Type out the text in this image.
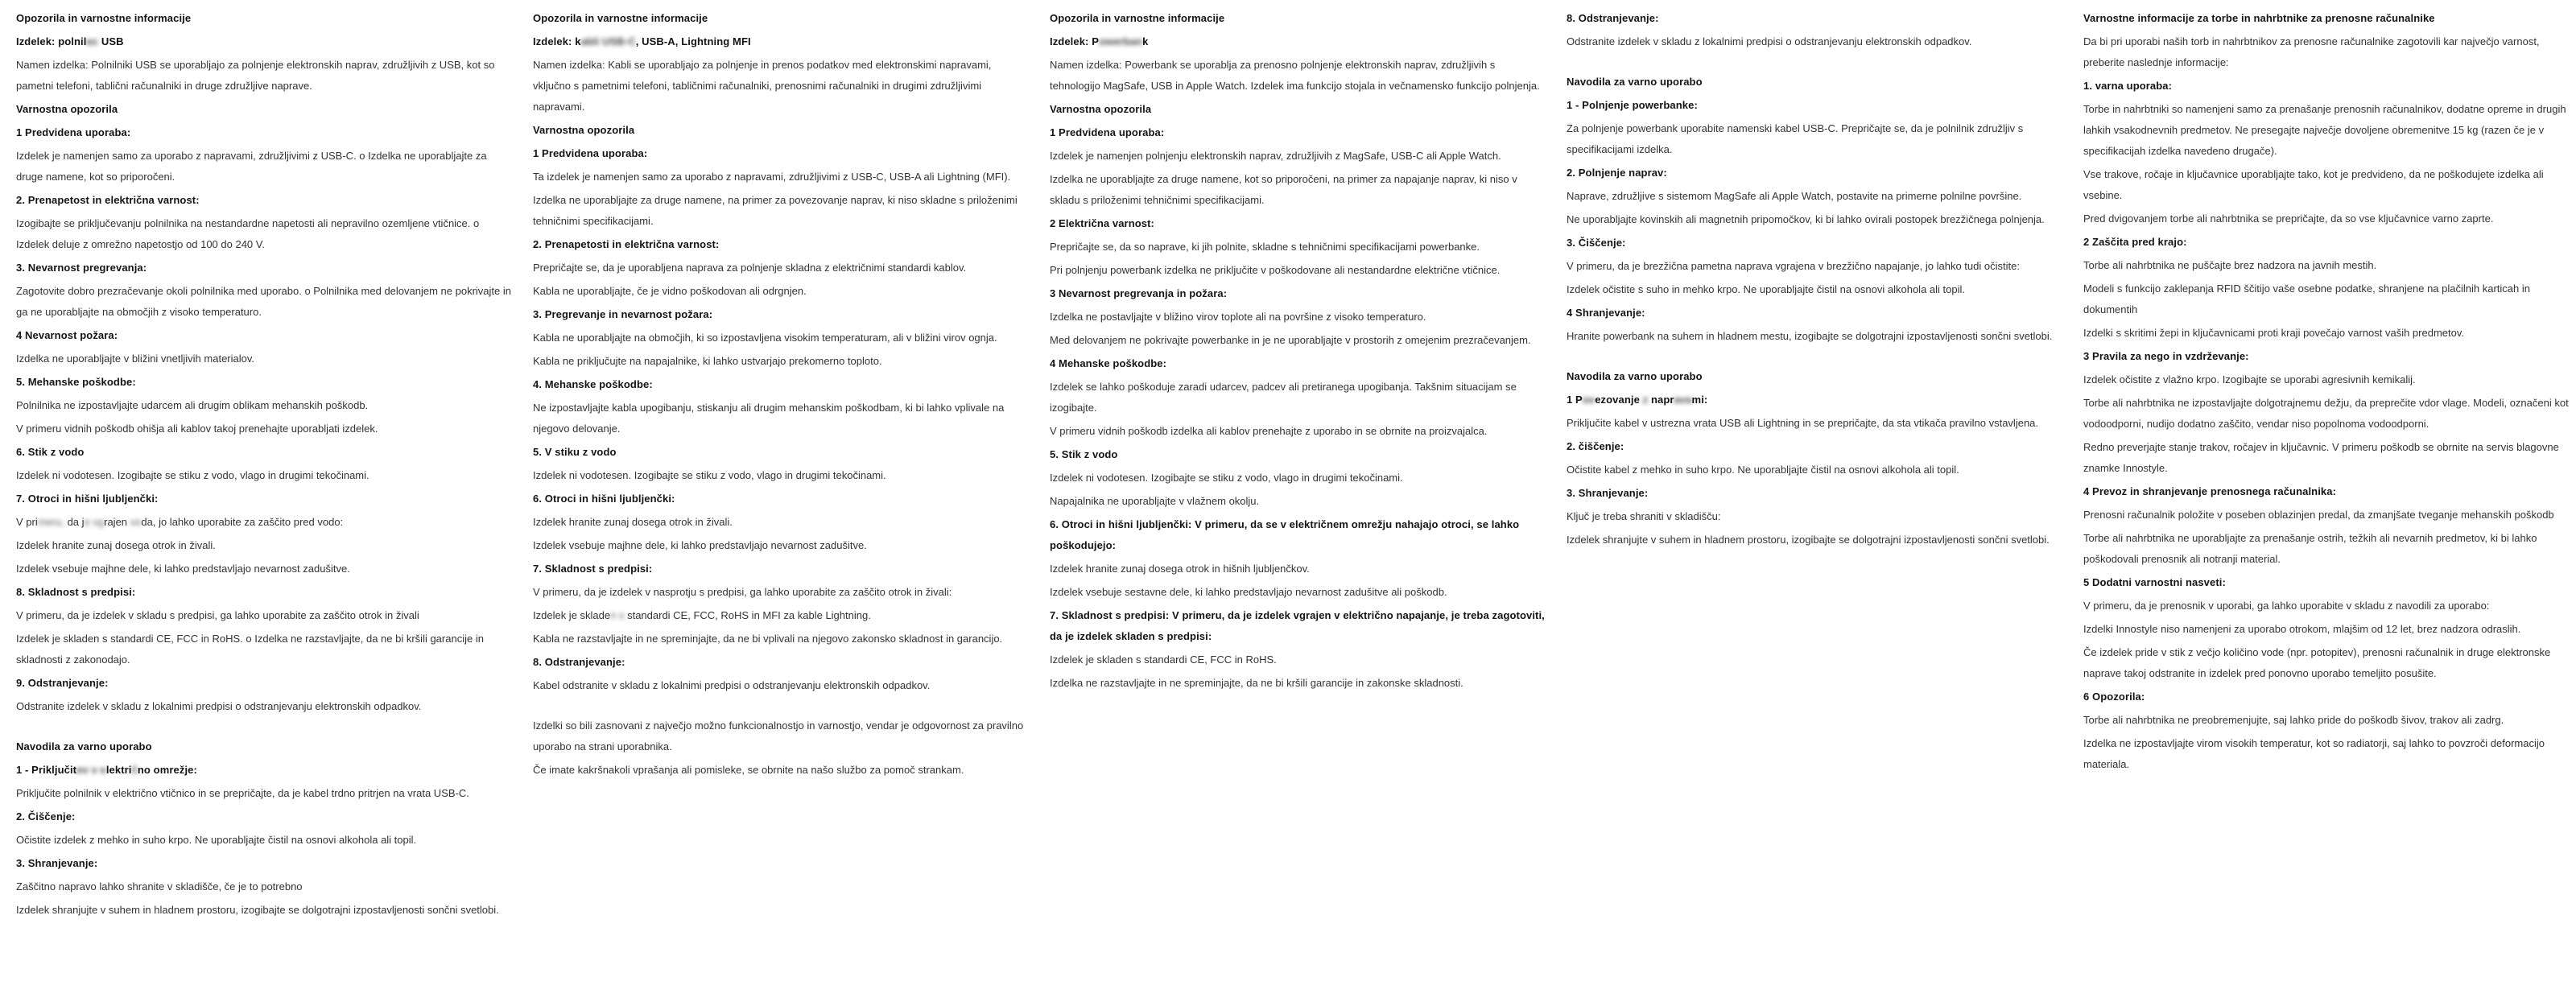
Opozorila in varnostne informacije

Izdelek: polnilec USB

Namen izdelka: Polnilniki USB se uporabljajo za polnjenje elektronskih naprav, združljivih z USB, kot so pametni telefoni, tablični računalniki in druge združljive naprave.

Varnostna opozorila

1 Predvidena uporaba:

Izdelek je namenjen samo za uporabo z napravami, združljivimi z USB-C. o Izdelka ne uporabljajte za druge namene, kot so priporočeni.

2. Prenapetost in električna varnost:

Izogibajte se priključevanju polnilnika na nestandardne napetosti ali nepravilno ozemljene vtičnice. o Izdelek deluje z omrežno napetostjo od 100 do 240 V.

3. Nevarnost pregrevanja:

Zagotovite dobro prezračevanje okoli polnilnika med uporabo. o Polnilnika med delovanjem ne pokrivajte in ga ne uporabljajte na območjih z visoko temperaturo.

4 Nevarnost požara:

Izdelka ne uporabljajte v bližini vnetljivih materialov.

5. Mehanske poškodbe:

Polnilnika ne izpostavljajte udarcem ali drugim oblikam mehanskih poškodb.

V primeru vidnih poškodb ohišja ali kablov takoj prenehajte uporabljati izdelek.

6. Stik z vodo

Izdelek ni vodotesen. Izogibajte se stiku z vodo, vlago in drugimi tekočinami.

7. Otroci in hišni ljubljenčki:

V primeru, da je vgrajen voda, jo lahko uporabite za zaščito pred vodo:

Izdelek hranite zunaj dosega otrok in živali.

Izdelek vsebuje majhne dele, ki lahko predstavljajo nevarnost zadušitve.

8. Skladnost s predpisi:

V primeru, da je izdelek v skladu s predpisi, ga lahko uporabite za zaščito otrok in živali

Izdelek je skladen s standardi CE, FCC in RoHS. o Izdelka ne razstavljajte, da ne bi kršili garancije in skladnosti z zakonodajo.

9. Odstranjevanje:

Odstranite izdelek v skladu z lokalnimi predpisi o odstranjevanju elektronskih odpadkov.

Navodila za varno uporabo

1 - Priključitev v električno omrežje:

Priključite polnilnik v električno vtičnico in se prepričajte, da je kabel trdno pritrjen na vrata USB-C.

2. Čiščenje:

Očistite izdelek z mehko in suho krpo. Ne uporabljajte čistil na osnovi alkohola ali topil.

3. Shranjevanje:

Zaščitno napravo lahko shranite v skladišče, če je to potrebno

Izdelek shranjujte v suhem in hladnem prostoru, izogibajte se dolgotrajni izpostavljenosti sončni svetlobi.

Opozorila in varnostne informacije

Izdelek: kabli USB-C, USB-A, Lightning MFI

Namen izdelka: Kabli se uporabljajo za polnjenje in prenos podatkov med elektronskimi napravami, vključno s pametnimi telefoni, tabličnimi računalniki, prenosnimi računalniki in drugimi združljivimi napravami.

Varnostna opozorila

1 Predvidena uporaba:

Ta izdelek je namenjen samo za uporabo z napravami, združljivimi z USB-C, USB-A ali Lightning (MFI).

Izdelka ne uporabljajte za druge namene, na primer za povezovanje naprav, ki niso skladne s priloženimi tehničnimi specifikacijami.

2. Prenapetosti in električna varnost:

Prepričajte se, da je uporabljena naprava za polnjenje skladna z električnimi standardi kablov.

Kabla ne uporabljajte, če je vidno poškodovan ali odrgnjen.

3. Pregrevanje in nevarnost požara:

Kabla ne uporabljajte na območjih, ki so izpostavljena visokim temperaturam, ali v bližini virov ognja.

Kabla ne priključujte na napajalnike, ki lahko ustvarjajo prekomerno toploto.

4. Mehanske poškodbe:

Ne izpostavljajte kabla upogibanju, stiskanju ali drugim mehanskim poškodbam, ki bi lahko vplivale na njegovo delovanje.

5. V stiku z vodo

Izdelek ni vodotesen. Izogibajte se stiku z vodo, vlago in drugimi tekočinami.

6. Otroci in hišni ljubljenčki:

Izdelek hranite zunaj dosega otrok in živali.

Izdelek vsebuje majhne dele, ki lahko predstavljajo nevarnost zadušitve.

7. Skladnost s predpisi:

V primeru, da je izdelek v nasprotju s predpisi, ga lahko uporabite za zaščito otrok in živali:

Izdelek je skladen s standardi CE, FCC, RoHS in MFI za kable Lightning.

Kabla ne razstavljajte in ne spreminjajte, da ne bi vplivali na njegovo zakonsko skladnost in garancijo.

8. Odstranjevanje:

Kabel odstranite v skladu z lokalnimi predpisi o odstranjevanju elektronskih odpadkov.

Izdelki so bili zasnovani z največjo možno funkcionalnostjo in varnostjo, vendar je odgovornost za pravilno uporabo na strani uporabnika.

Če imate kakršnakoli vprašanja ali pomisleke, se obrnite na našo službo za pomoč strankam.

Opozorila in varnostne informacije

Izdelek: Powerbank

Namen izdelka: Powerbank se uporablja za prenosno polnjenje elektronskih naprav, združljivih s tehnologijo MagSafe, USB in Apple Watch. Izdelek ima funkcijo stojala in večnamensko funkcijo polnjenja.

Varnostna opozorila

1 Predvidena uporaba:

Izdelek je namenjen polnjenju elektronskih naprav, združljivih z MagSafe, USB-C ali Apple Watch.

Izdelka ne uporabljajte za druge namene, kot so priporočeni, na primer za napajanje naprav, ki niso v skladu s priloženimi tehničnimi specifikacijami.

2 Električna varnost:

Prepričajte se, da so naprave, ki jih polnite, skladne s tehničnimi specifikacijami powerbanke.

Pri polnjenju powerbank izdelka ne priključite v poškodovane ali nestandardne električne vtičnice.

3 Nevarnost pregrevanja in požara:

Izdelka ne postavljajte v bližino virov toplote ali na površine z visoko temperaturo.

Med delovanjem ne pokrivajte powerbanke in je ne uporabljajte v prostorih z omejenim prezračevanjem.

4 Mehanske poškodbe:

Izdelek se lahko poškoduje zaradi udarcev, padcev ali pretiranega upogibanja. Takšnim situacijam se izogibajte.

V primeru vidnih poškodb izdelka ali kablov prenehajte z uporabo in se obrnite na proizvajalca.

5. Stik z vodo

Izdelek ni vodotesen. Izogibajte se stiku z vodo, vlago in drugimi tekočinami.

Napajalnika ne uporabljajte v vlažnem okolju.

6. Otroci in hišni ljubljenčki: V primeru, da se v električnem omrežju nahajajo otroci, se lahko poškodujejo:

Izdelek hranite zunaj dosega otrok in hišnih ljubljenčkov.

Izdelek vsebuje sestavne dele, ki lahko predstavljajo nevarnost zadušitve ali poškodb.

7. Skladnost s predpisi: V primeru, da je izdelek vgrajen v električno napajanje, je treba zagotoviti, da je izdelek skladen s predpisi:

Izdelek je skladen s standardi CE, FCC in RoHS.

Izdelka ne razstavljajte in ne spreminjajte, da ne bi kršili garancije in zakonske skladnosti.

8. Odstranjevanje:

Odstranite izdelek v skladu z lokalnimi predpisi o odstranjevanju elektronskih odpadkov.

Navodila za varno uporabo

1 - Polnjenje powerbanke:

Za polnjenje powerbank uporabite namenski kabel USB-C. Prepričajte se, da je polnilnik združljiv s specifikacijami izdelka.

2. Polnjenje naprav:

Naprave, združljive s sistemom MagSafe ali Apple Watch, postavite na primerne polnilne površine.

Ne uporabljajte kovinskih ali magnetnih pripomočkov, ki bi lahko ovirali postopek brezžičnega polnjenja.

3. Čiščenje:

V primeru, da je brezžična pametna naprava vgrajena v brezžično napajanje, jo lahko tudi očistite:

Izdelek očistite s suho in mehko krpo. Ne uporabljajte čistil na osnovi alkohola ali topil.

4 Shranjevanje:

Hranite powerbank na suhem in hladnem mestu, izogibajte se dolgotrajni izpostavljenosti sončni svetlobi.

Navodila za varno uporabo

1 Povezovanje z napravami:

Priključite kabel v ustrezna vrata USB ali Lightning in se prepričajte, da sta vtikača pravilno vstavljena.

2. čiščenje:

Očistite kabel z mehko in suho krpo. Ne uporabljajte čistil na osnovi alkohola ali topil.

3. Shranjevanje:

Ključ je treba shraniti v skladišču:

Izdelek shranjujte v suhem in hladnem prostoru, izogibajte se dolgotrajni izpostavljenosti sončni svetlobi.

Varnostne informacije za torbe in nahrbtnike za prenosne računalnike

Da bi pri uporabi naših torb in nahrbtnikov za prenosne računalnike zagotovili kar največjo varnost, preberite naslednje informacije:

1. varna uporaba:

Torbe in nahrbtniki so namenjeni samo za prenašanje prenosnih računalnikov, dodatne opreme in drugih lahkih vsakodnevnih predmetov. Ne presegajte največje dovoljene obremenitve 15 kg (razen če je v specifikacijah izdelka navedeno drugače).

Vse trakove, ročaje in ključavnice uporabljajte tako, kot je predvideno, da ne poškodujete izdelka ali vsebine.

Pred dvigovanjem torbe ali nahrbtnika se prepričajte, da so vse ključavnice varno zaprte.

2 Zaščita pred krajo:

Torbe ali nahrbtnika ne puščajte brez nadzora na javnih mestih.

Modeli s funkcijo zaklepanja RFID ščitijo vaše osebne podatke, shranjene na plačilnih karticah in dokumentih

Izdelki s skritimi žepi in ključavnicami proti kraji povečajo varnost vaših predmetov.

3 Pravila za nego in vzdrževanje:

Izdelek očistite z vlažno krpo. Izogibajte se uporabi agresivnih kemikalij.

Torbe ali nahrbtnika ne izpostavljajte dolgotrajnemu dežju, da preprečite vdor vlage. Modeli, označeni kot vodoodporni, nudijo dodatno zaščito, vendar niso popolnoma vodoodporni.

Redno preverjajte stanje trakov, ročajev in ključavnic. V primeru poškodb se obrnite na servis blagovne znamke Innostyle.

4 Prevoz in shranjevanje prenosnega računalnika:

Prenosni računalnik položite v poseben oblazinjen predal, da zmanjšate tveganje mehanskih poškodb

Torbe ali nahrbtnika ne uporabljajte za prenašanje ostrih, težkih ali nevarnih predmetov, ki bi lahko poškodovali prenosnik ali notranji material.

5 Dodatni varnostni nasveti:

V primeru, da je prenosnik v uporabi, ga lahko uporabite v skladu z navodili za uporabo:

Izdelki Innostyle niso namenjeni za uporabo otrokom, mlajšim od 12 let, brez nadzora odraslih.

Če izdelek pride v stik z večjo količino vode (npr. potopitev), prenosni računalnik in druge elektronske naprave takoj odstranite in izdelek pred ponovno uporabo temeljito posušite.

6 Opozorila:

Torbe ali nahrbtnika ne preobremenjujte, saj lahko pride do poškodb šivov, trakov ali zadrg.

Izdelka ne izpostavljajte virom visokih temperatur, kot so radiatorji, saj lahko to povzroči deformacijo materiala.
